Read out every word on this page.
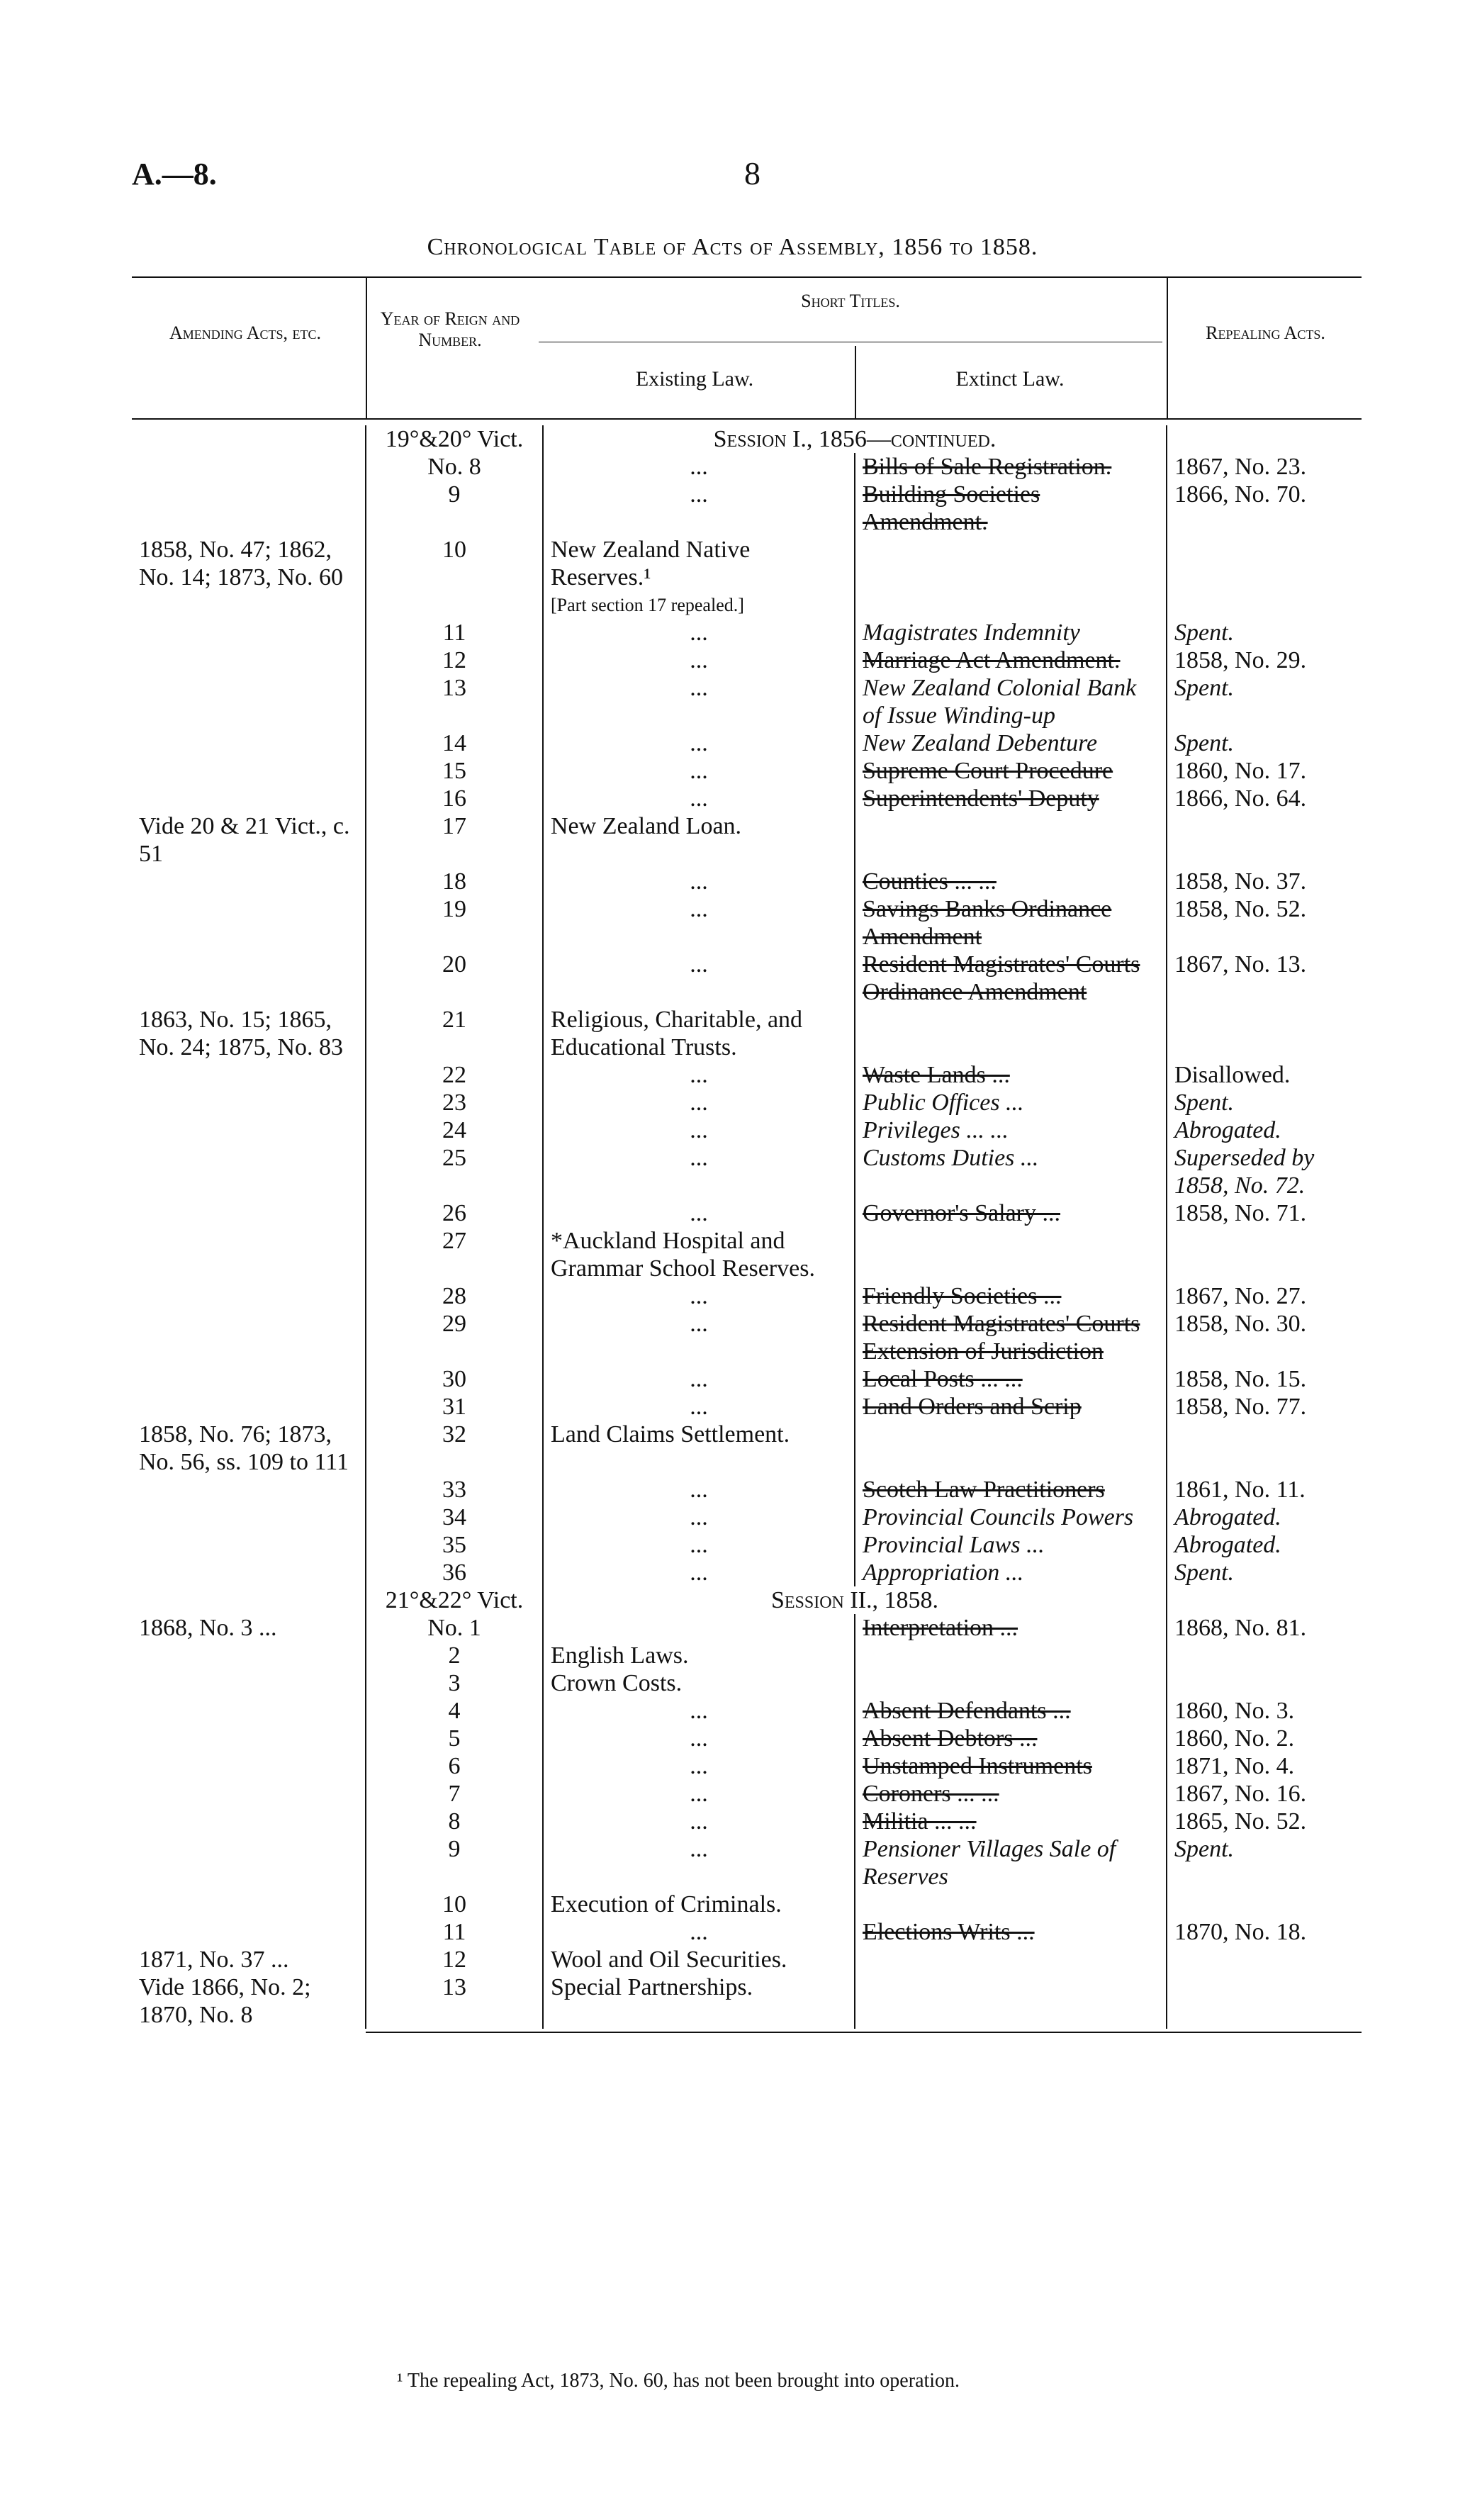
A.—8.	8
Chronological Table of Acts of Assembly, 1856 to 1858.
Amending Acts, etc.
Year of Reign and Number.
Short Titles.
Existing Law.	Extinct Law.
Repealing Acts.
	19°&20° Vict.	Session I., 1856—continued.		
	No. 8	...	Bills of Sale Registration.	1867, No. 23.
	9	...	Building Societies Amendment.	1866, No. 70.
1858, No. 47; 1862, No. 14; 1873, No. 60	10	New Zealand Native Reserves.¹
[Part section 17 repealed.]		

	11	...	Magistrates Indemnity	Spent.
	12	...	Marriage Act Amendment.	1858, No. 29.
	13	...	New Zealand Colonial Bank of Issue Winding-up	Spent.
	14	...	New Zealand Debenture	Spent.
	15	...	Supreme Court Procedure	1860, No. 17.
	16	...	Superintendents' Deputy	1866, No. 64.
Vide 20 & 21 Vict., c. 51	17	New Zealand Loan.		
	18	...	Counties ... ...	1858, No. 37.
	19	...	Savings Banks Ordinance Amendment	1858, No. 52.
	20	...	Resident Magistrates' Courts Ordinance Amendment	1867, No. 13.
1863, No. 15; 1865, No. 24; 1875, No. 83	21	Religious, Charitable, and Educational Trusts.		
	22	...	Waste Lands ...	Disallowed.
	23	...	Public Offices ...	Spent.
	24	...	Privileges ... ...	Abrogated.
	25	...	Customs Duties ...	Superseded by 1858, No. 72.
	26	...	Governor's Salary ...	1858, No. 71.
	27	*Auckland Hospital and Grammar School Reserves.		
	28	...	Friendly Societies ...	1867, No. 27.
	29	...	Resident Magistrates' Courts Extension of Jurisdiction	1858, No. 30.
	30	...	Local Posts ... ...	1858, No. 15.
	31	...	Land Orders and Scrip	1858, No. 77.
1858, No. 76; 1873, No. 56, ss. 109 to 111	32	Land Claims Settlement.		
	33	...	Scotch Law Practitioners	1861, No. 11.
	34	...	Provincial Councils Powers	Abrogated.
	35	...	Provincial Laws ...	Abrogated.
	36	...	Appropriation ...	Spent.
	21°&22° Vict.	Session II., 1858.		
1868, No. 3 ...	No. 1		Interpretation ...	1868, No. 81.
	2	English Laws.		
	3	Crown Costs.		
	4	...	Absent Defendants ...	1860, No. 3.
	5	...	Absent Debtors ...	1860, No. 2.
	6	...	Unstamped Instruments	1871, No. 4.
	7	...	Coroners ... ...	1867, No. 16.
	8	...	Militia ... ...	1865, No. 52.
	9	...	Pensioner Villages Sale of Reserves	Spent.
	10	Execution of Criminals.		
	11	...	Elections Writs ...	1870, No. 18.
1871, No. 37 ...	12	Wool and Oil Securities.		
Vide 1866, No. 2; 1870, No. 8	13	Special Partnerships.		
¹ The repealing Act, 1873, No. 60, has not been brought into operation.
